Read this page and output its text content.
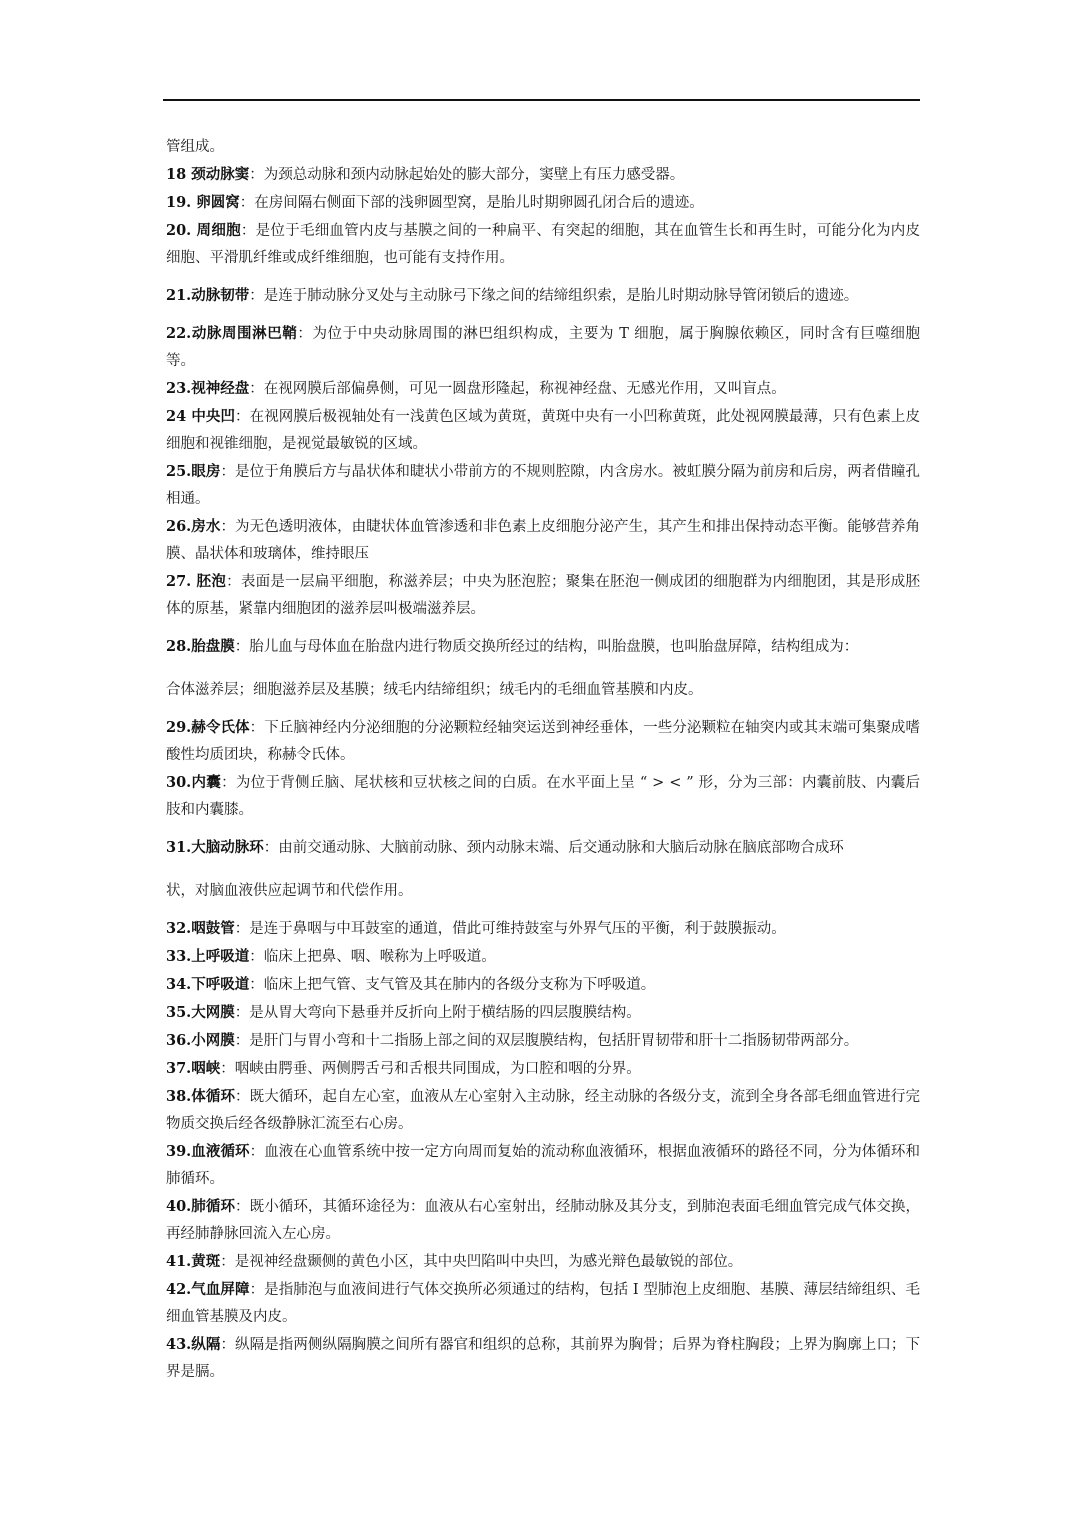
管组成。

18 颈动脉窦：为颈总动脉和颈内动脉起始处的膨大部分，窦壁上有压力感受器。

19. 卵圆窝：在房间隔右侧面下部的浅卵圆型窝，是胎儿时期卵圆孔闭合后的遗迹。

20. 周细胞：是位于毛细血管内皮与基膜之间的一种扁平、有突起的细胞，其在血管生长和再生时，可能分化为内皮细胞、平滑肌纤维或成纤维细胞，也可能有支持作用。

21.动脉韧带：是连于肺动脉分叉处与主动脉弓下缘之间的结缔组织索，是胎儿时期动脉导管闭锁后的遗迹。

22.动脉周围淋巴鞘：为位于中央动脉周围的淋巴组织构成，主要为 T 细胞，属于胸腺依赖区，同时含有巨噬细胞等。

23.视神经盘：在视网膜后部偏鼻侧，可见一圆盘形隆起，称视神经盘、无感光作用，又叫盲点。

24 中央凹：在视网膜后极视轴处有一浅黄色区域为黄斑，黄斑中央有一小凹称黄斑，此处视网膜最薄，只有色素上皮细胞和视锥细胞，是视觉最敏锐的区域。

25.眼房：是位于角膜后方与晶状体和睫状小带前方的不规则腔隙，内含房水。被虹膜分隔为前房和后房，两者借瞳孔相通。

26.房水：为无色透明液体，由睫状体血管渗透和非色素上皮细胞分泌产生，其产生和排出保持动态平衡。能够营养角膜、晶状体和玻璃体，维持眼压

27. 胚泡：表面是一层扁平细胞，称滋养层；中央为胚泡腔；聚集在胚泡一侧成团的细胞群为内细胞团，其是形成胚体的原基，紧靠内细胞团的滋养层叫极端滋养层。

28.胎盘膜：胎儿血与母体血在胎盘内进行物质交换所经过的结构，叫胎盘膜，也叫胎盘屏障，结构组成为：

合体滋养层；细胞滋养层及基膜；绒毛内结缔组织；绒毛内的毛细血管基膜和内皮。

29.赫令氏体：下丘脑神经内分泌细胞的分泌颗粒经轴突运送到神经垂体，一些分泌颗粒在轴突内或其末端可集聚成嗜酸性均质团块，称赫令氏体。

30.内囊：为位于背侧丘脑、尾状核和豆状核之间的白质。在水平面上呈 “ > < ” 形，分为三部：内囊前肢、内囊后肢和内囊膝。

31.大脑动脉环：由前交通动脉、大脑前动脉、颈内动脉末端、后交通动脉和大脑后动脉在脑底部吻合成环

状，对脑血液供应起调节和代偿作用。

32.咽鼓管：是连于鼻咽与中耳鼓室的通道，借此可维持鼓室与外界气压的平衡，利于鼓膜振动。

33.上呼吸道：临床上把鼻、咽、喉称为上呼吸道。

34.下呼吸道：临床上把气管、支气管及其在肺内的各级分支称为下呼吸道。

35.大网膜：是从胃大弯向下悬垂并反折向上附于横结肠的四层腹膜结构。

36.小网膜：是肝门与胃小弯和十二指肠上部之间的双层腹膜结构，包括肝胃韧带和肝十二指肠韧带两部分。

37.咽峡：咽峡由腭垂、两侧腭舌弓和舌根共同围成，为口腔和咽的分界。

38.体循环：既大循环，起自左心室，血液从左心室射入主动脉，经主动脉的各级分支，流到全身各部毛细血管进行完物质交换后经各级静脉汇流至右心房。

39.血液循环：血液在心血管系统中按一定方向周而复始的流动称血液循环，根据血液循环的路径不同，分为体循环和肺循环。

40.肺循环：既小循环，其循环途径为：血液从右心室射出，经肺动脉及其分支，到肺泡表面毛细血管完成气体交换，再经肺静脉回流入左心房。

41.黄斑：是视神经盘颞侧的黄色小区，其中央凹陷叫中央凹，为感光辩色最敏锐的部位。

42.气血屏障：是指肺泡与血液间进行气体交换所必须通过的结构，包括 I 型肺泡上皮细胞、基膜、薄层结缔组织、毛细血管基膜及内皮。

43.纵隔：纵隔是指两侧纵隔胸膜之间所有器官和组织的总称，其前界为胸骨；后界为脊柱胸段；上界为胸廓上口；下界是膈。
